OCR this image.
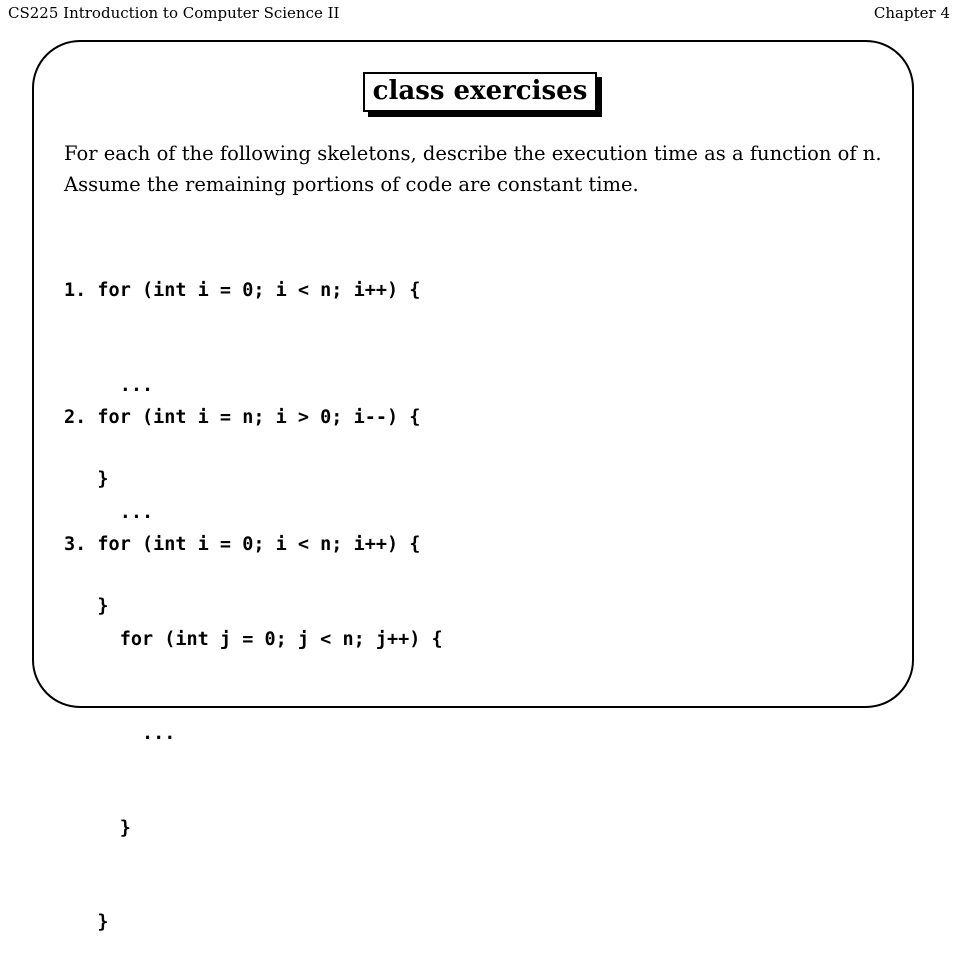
CS225 Introduction to Computer Science II	Chapter 4
class exercises
For each of the following skeletons, describe the execution time as a function of n.
Assume the remaining portions of code are constant time.

1. for (int i = 0; i < n; i++) {

...

}

2. for (int i = n; i > 0; i--) {

...

}

3. for (int i = 0; i < n; i++) {

for (int j = 0; j < n; j++) {

...

}

}
